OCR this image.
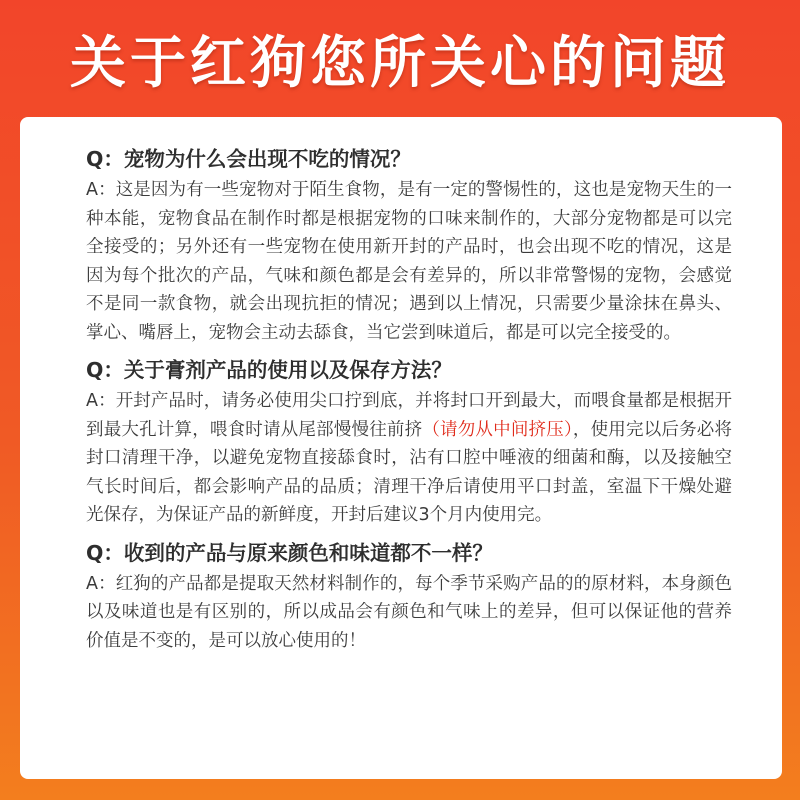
关于红狗您所关心的问题

Q：宠物为什么会出现不吃的情况？

A：这是因为有一些宠物对于陌生食物，是有一定的警惕性的，这也是宠物天生的一种本能，宠物食品在制作时都是根据宠物的口味来制作的，大部分宠物都是可以完全接受的；另外还有一些宠物在使用新开封的产品时，也会出现不吃的情况，这是因为每个批次的产品，气味和颜色都是会有差异的，所以非常警惕的宠物，会感觉不是同一款食物，就会出现抗拒的情况；遇到以上情况，只需要少量涂抹在鼻头、掌心、嘴唇上，宠物会主动去舔食，当它尝到味道后，都是可以完全接受的。

Q：关于膏剂产品的使用以及保存方法？

A：开封产品时，请务必使用尖口拧到底，并将封口开到最大，而喂食量都是根据开到最大孔计算，喂食时请从尾部慢慢往前挤（请勿从中间挤压），使用完以后务必将封口清理干净，以避免宠物直接舔食时，沾有口腔中唾液的细菌和酶，以及接触空气长时间后，都会影响产品的品质；清理干净后请使用平口封盖，室温下干燥处避光保存，为保证产品的新鲜度，开封后建议3个月内使用完。

Q：收到的产品与原来颜色和味道都不一样？

A：红狗的产品都是提取天然材料制作的，每个季节采购产品的的原材料，本身颜色以及味道也是有区别的，所以成品会有颜色和气味上的差异，但可以保证他的营养价值是不变的，是可以放心使用的！
